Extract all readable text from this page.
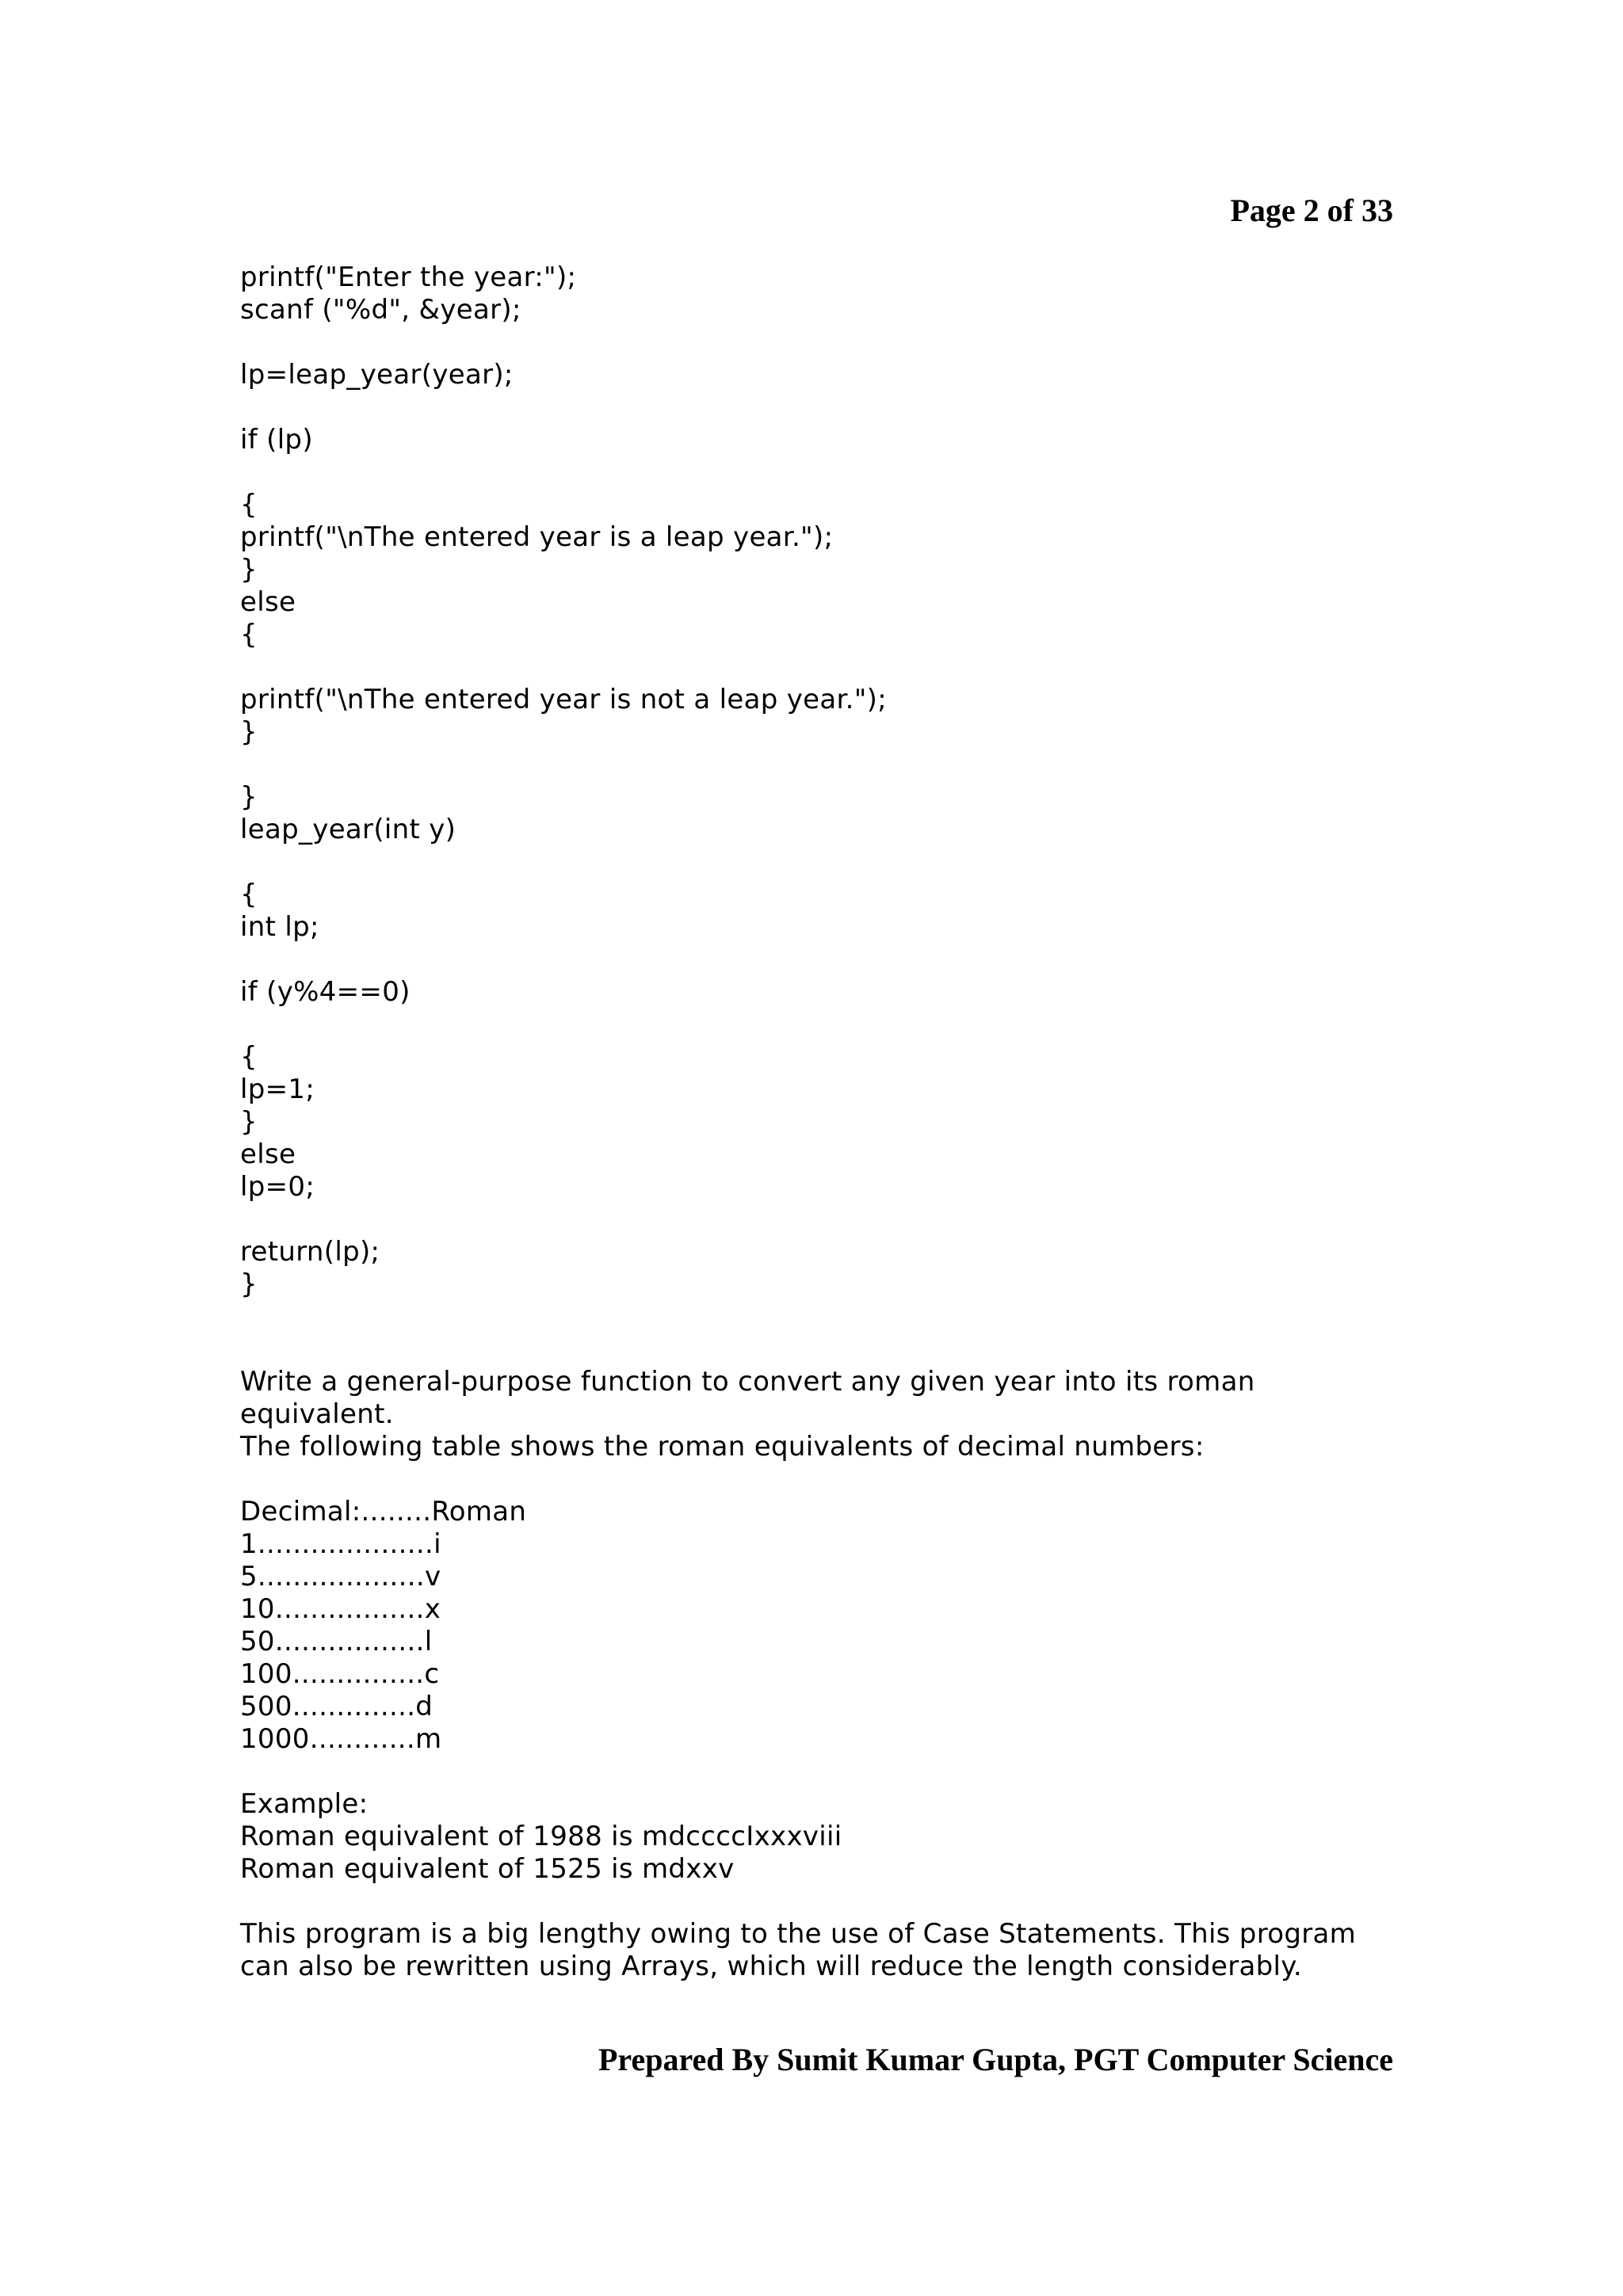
Page 2 of 33
printf("Enter the year:");
scanf ("%d", &year);
lp=leap_year(year);
if (lp)
{
printf("\nThe entered year is a leap year.");
}
else
{
printf("\nThe entered year is not a leap year.");
}
}
leap_year(int y)
{
int lp;
if (y%4==0)
{
lp=1;
}
else
lp=0;
return(lp);
}

Write a general-purpose function to convert any given year into its roman equivalent.

The following table shows the roman equivalents of decimal numbers:
Decimal:........Roman
1....................i
5...................v
10.................x
50.................l
100...............c
500..............d
1000............m
Example:
Roman equivalent of 1988 is mdccccIxxxviii
Roman equivalent of 1525 is mdxxv

This program is a big lengthy owing to the use of Case Statements. This program can also be rewritten using Arrays, which will reduce the length considerably.

Prepared By Sumit Kumar Gupta, PGT Computer Science
